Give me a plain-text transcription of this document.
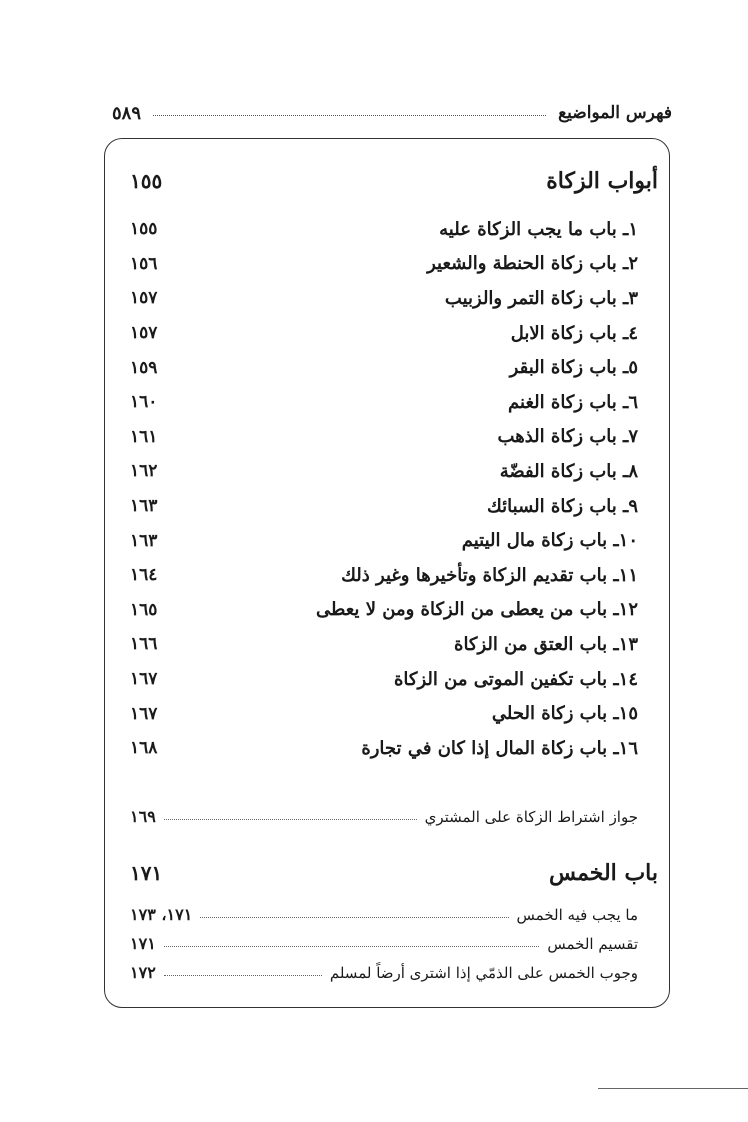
فهرس المواضيع
٥٨٩
أبواب الزكاة
١٥٥
١ـ باب ما يجب الزكاة عليه
١٥٥
٢ـ باب زكاة الحنطة والشعير
١٥٦
٣ـ باب زكاة التمر والزبيب
١٥٧
٤ـ باب زكاة الابل
١٥٧
٥ـ باب زكاة البقر
١٥٩
٦ـ باب زكاة الغنم
١٦٠
٧ـ باب زكاة الذهب
١٦١
٨ـ باب زكاة الفضّة
١٦٢
٩ـ باب زكاة السبائك
١٦٣
١٠ـ باب زكاة مال اليتيم
١٦٣
١١ـ باب تقديم الزكاة وتأخيرها وغير ذلك
١٦٤
١٢ـ باب من يعطى من الزكاة ومن لا يعطى
١٦٥
١٣ـ باب العتق من الزكاة
١٦٦
١٤ـ باب تكفين الموتى من الزكاة
١٦٧
١٥ـ باب زكاة الحلي
١٦٧
١٦ـ باب زكاة المال إذا كان في تجارة
١٦٨
جواز اشتراط الزكاة على المشتري
١٦٩
باب الخمس
١٧١
ما يجب فيه الخمس
١٧١، ١٧٣
تقسيم الخمس
١٧١
وجوب الخمس على الذمّي إذا اشترى أرضاً لمسلم
١٧٢
